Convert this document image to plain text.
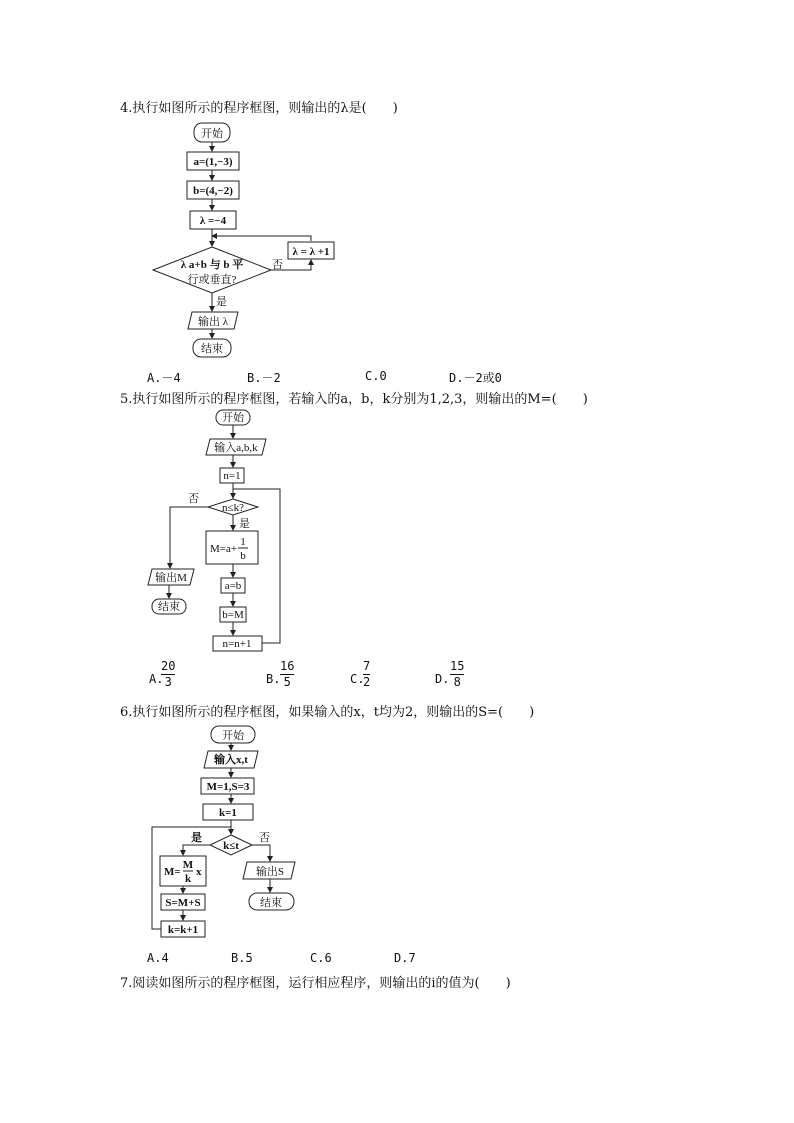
4.执行如图所示的程序框图，则输出的λ是(　　)
开始
a=(1,−3)
b=(4,−2)
λ =−4
λ a+b 与 b 平
行或垂直?
否
λ = λ +1
是
输出 λ
结束
A.－4	B.－2	C.0	D.－2或0
5.执行如图所示的程序框图，若输入的a，b，k分别为1,2,3，则输出的M=(　　)
开始
输入a,b,k
n=1
n≤k?
否
输出M
结束
是
M=a+
1
b
a=b
b=M
n=n+1
A.
20
3	B.
16
5	C.
7
2	D.
15
8
6.执行如图所示的程序框图，如果输入的x，t均为2，则输出的S=(　　)
开始
输入x,t
M=1,S=3
k=1
k≤t
是
M=
M
k
x
S=M+S
k=k+1
否
输出S
结束
A.4	B.5	C.6	D.7
7.阅读如图所示的程序框图，运行相应程序，则输出的i的值为(　　)
